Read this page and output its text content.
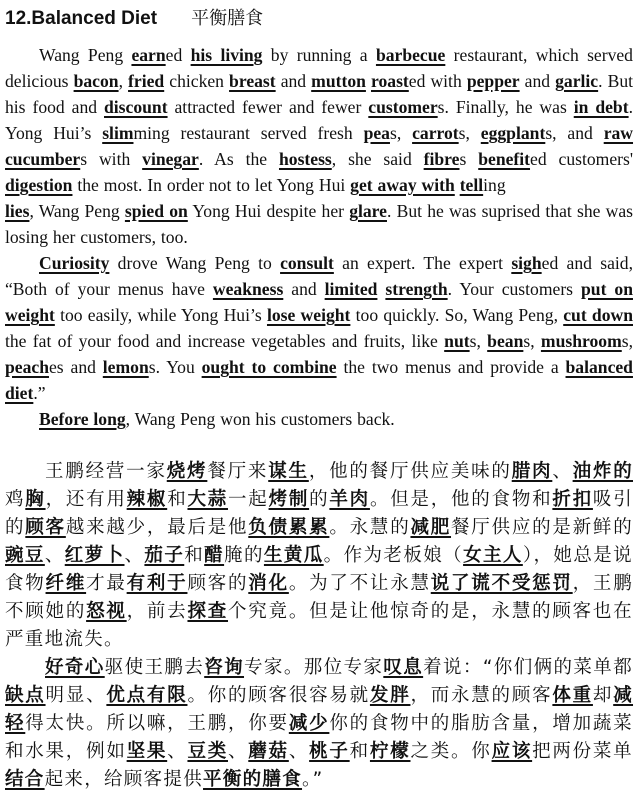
12.Balanced Diet 平衡膳食

Wang Peng earned his living by running a barbecue restaurant, which served delicious bacon, fried chicken breast and mutton roasted with pepper and garlic. But his food and discount attracted fewer and fewer customers. Finally, he was in debt. Yong Hui’s slimming restaurant served fresh peas, carrots, eggplants, and raw cucumbers with vinegar. As the hostess, she said fibres benefited customers' digestion the most. In order not to let Yong Hui get away with telling
lies, Wang Peng spied on Yong Hui despite her glare. But he was suprised that she was losing her customers, too.

Curiosity drove Wang Peng to consult an expert. The expert sighed and said, “Both of your menus have weakness and limited strength. Your customers put on weight too easily, while Yong Hui’s lose weight too quickly. So, Wang Peng, cut down the fat of your food and increase vegetables and fruits, like nuts, beans, mushrooms, peaches and lemons. You ought to combine the two menus and provide a balanced diet.”

Before long, Wang Peng won his customers back.

王鹏经营一家烧烤餐厅来谋生，他的餐厅供应美味的腊肉、油炸的鸡胸，还有用辣椒和大蒜一起烤制的羊肉。但是，他的食物和折扣吸引的顾客越来越少，最后是他负债累累。永慧的减肥餐厅供应的是新鲜的豌豆、红萝卜、茄子和醋腌的生黄瓜。作为老板娘（女主人），她总是说食物纤维才最有利于顾客的消化。为了不让永慧说了谎不受惩罚，王鹏不顾她的怒视，前去探查个究竟。但是让他惊奇的是，永慧的顾客也在严重地流失。

好奇心驱使王鹏去咨询专家。那位专家叹息着说：“你们俩的菜单都缺点明显、优点有限。你的顾客很容易就发胖，而永慧的顾客体重却减轻得太快。所以嘛，王鹏，你要减少你的食物中的脂肪含量，增加蔬菜和水果，例如坚果、豆类、蘑菇、桃子和柠檬之类。你应该把两份菜单结合起来，给顾客提供平衡的膳食。”
